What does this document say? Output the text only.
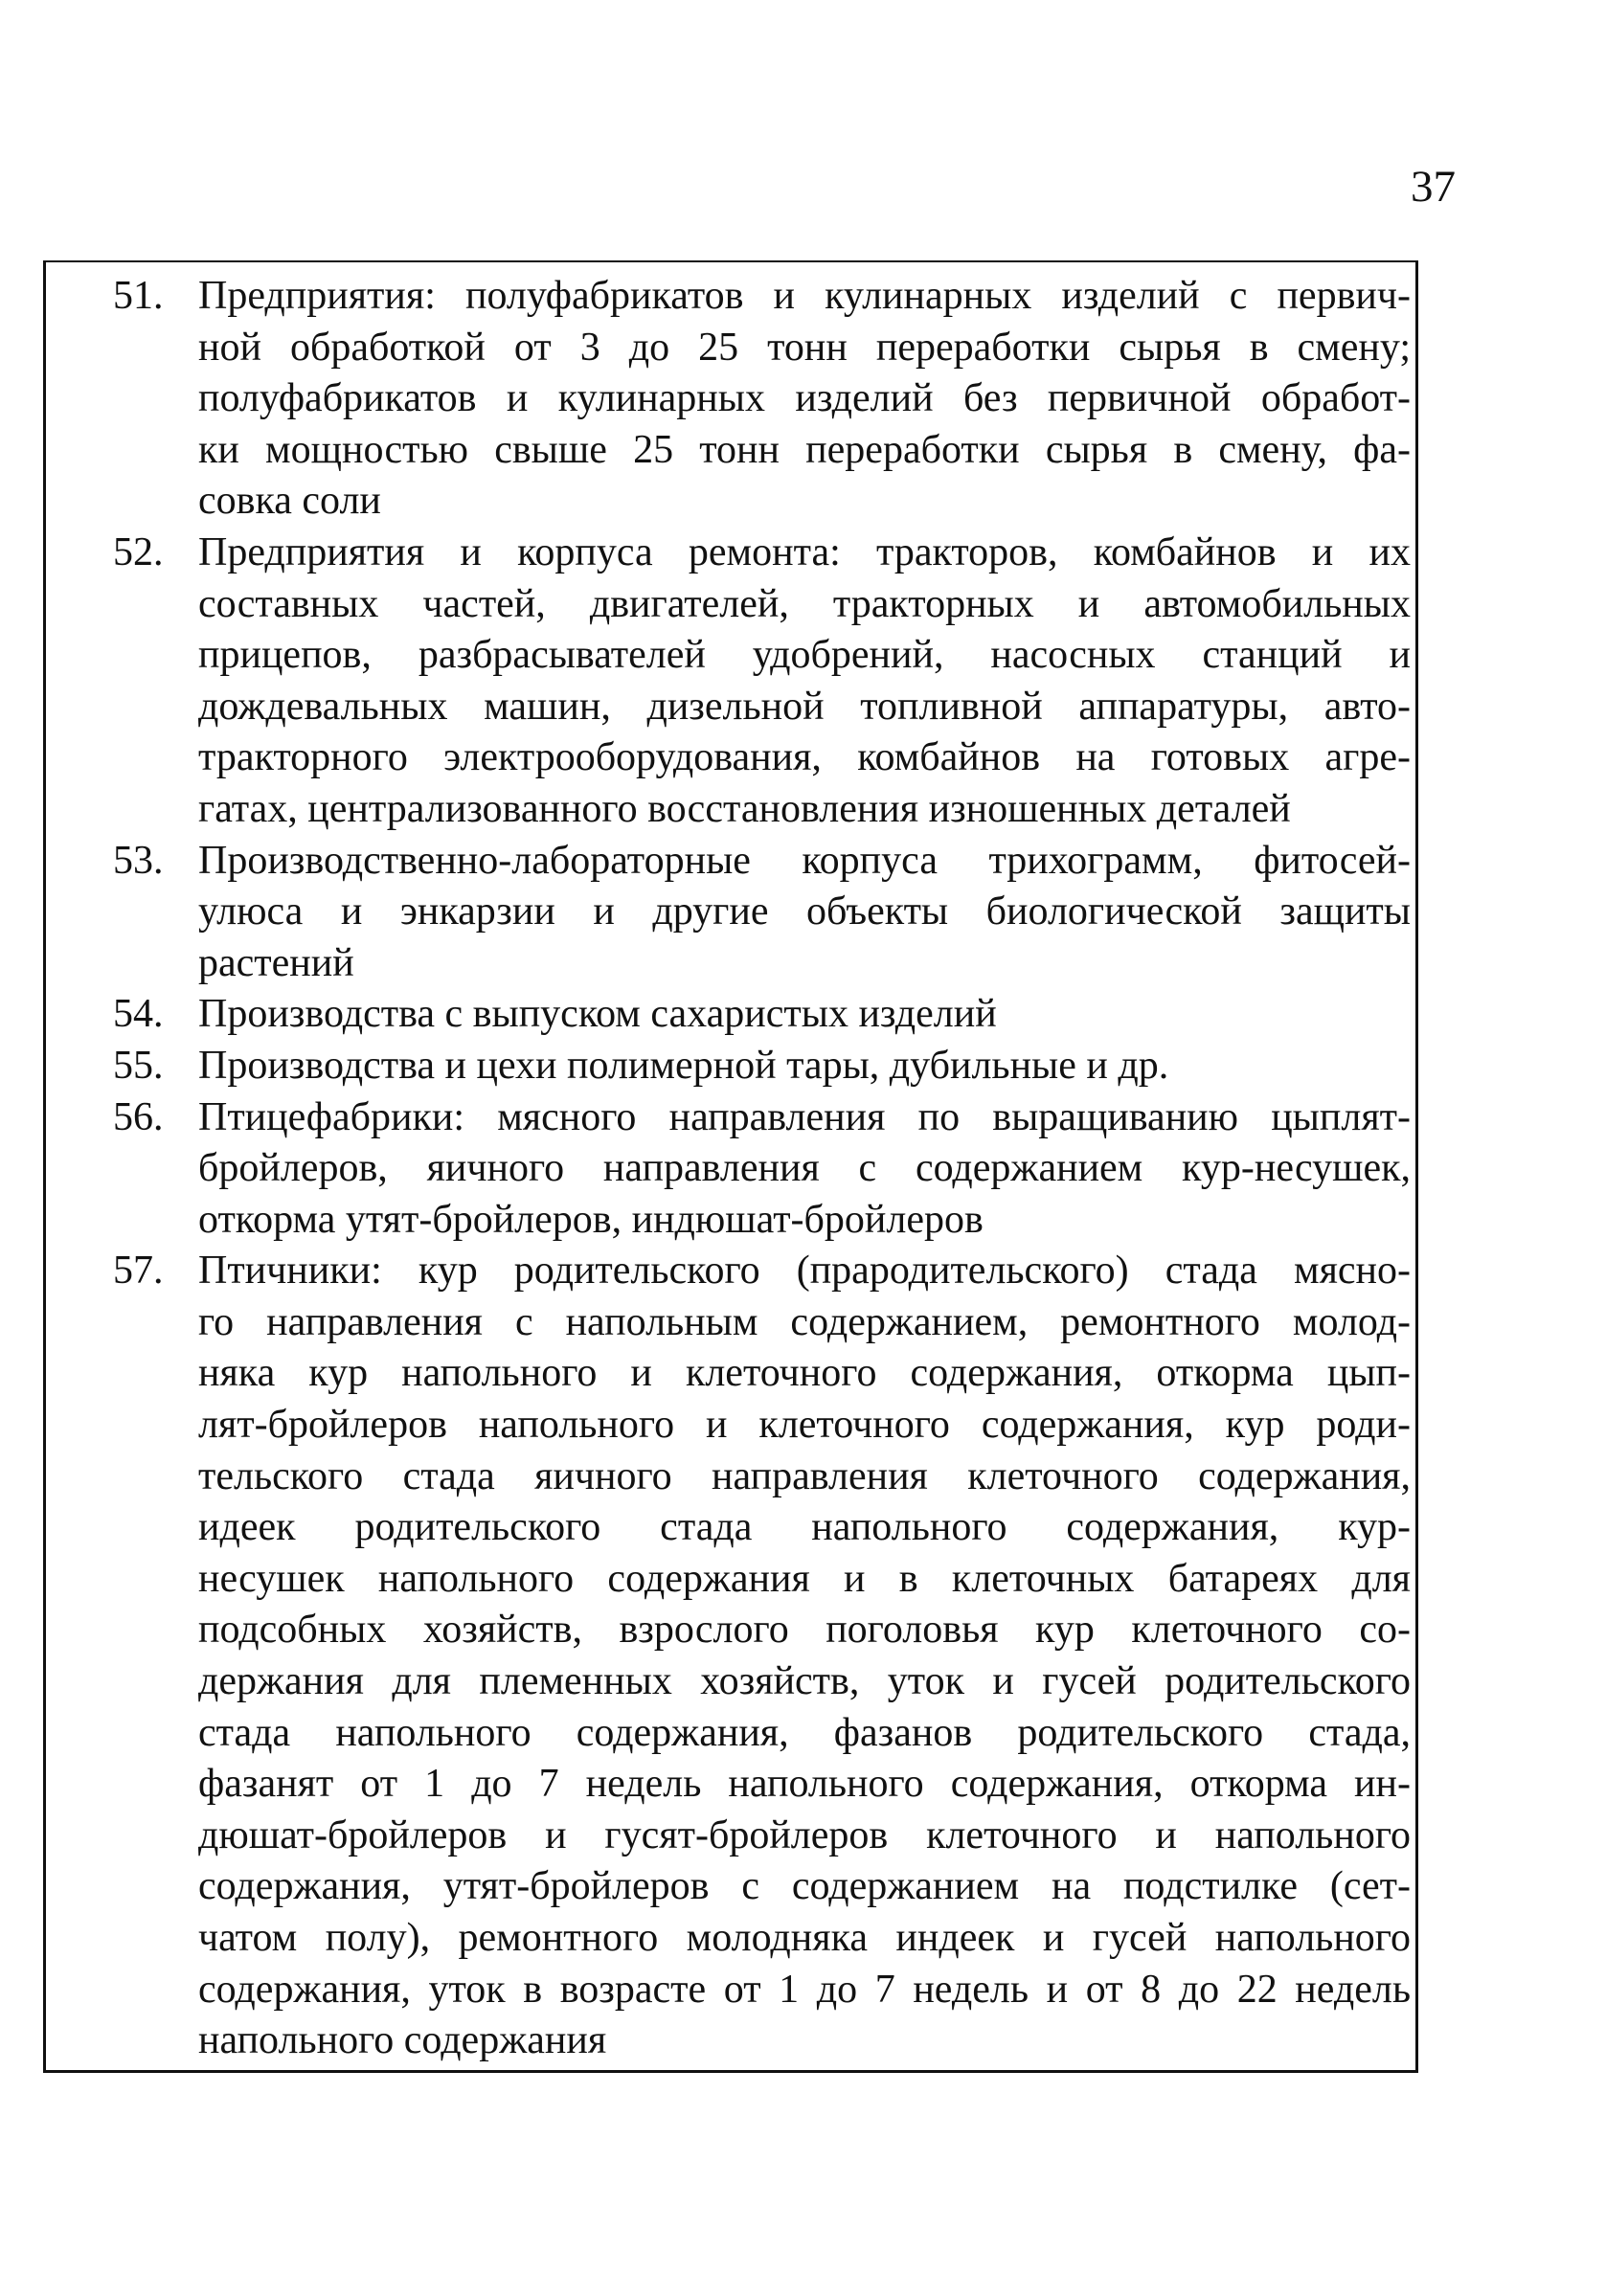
37
51. Предприятия: полуфабрикатов и кулинарных изделий с первич-
ной обработкой от 3 до 25 тонн переработки сырья в смену;
полуфабрикатов и кулинарных изделий без первичной обработ-
ки мощностью свыше 25 тонн переработки сырья в смену, фа-
совка соли
52. Предприятия и корпуса ремонта: тракторов, комбайнов и их
составных частей, двигателей, тракторных и автомобильных
прицепов, разбрасывателей удобрений, насосных станций и
дождевальных машин, дизельной топливной аппаратуры, авто-
тракторного электрооборудования, комбайнов на готовых агре-
гатах, централизованного восстановления изношенных деталей
53. Производственно-лабораторные корпуса трихограмм, фитосей-
улюса и энкарзии и другие объекты биологической защиты
растений
54. Производства с выпуском сахаристых изделий
55. Производства и цехи полимерной тары, дубильные и др.
56. Птицефабрики: мясного направления по выращиванию цыплят-
бройлеров, яичного направления с содержанием кур-несушек,
откорма утят-бройлеров, индюшат-бройлеров
57. Птичники: кур родительского (прародительского) стада мясно-
го направления с напольным содержанием, ремонтного молод-
няка кур напольного и клеточного содержания, откорма цып-
лят-бройлеров напольного и клеточного содержания, кур роди-
тельского стада яичного направления клеточного содержания,
идеек родительского стада напольного содержания, кур-
несушек напольного содержания и в клеточных батареях для
подсобных хозяйств, взрослого поголовья кур клеточного со-
держания для племенных хозяйств, уток и гусей родительского
стада напольного содержания, фазанов родительского стада,
фазанят от 1 до 7 недель напольного содержания, откорма ин-
дюшат-бройлеров и гусят-бройлеров клеточного и напольного
содержания, утят-бройлеров с содержанием на подстилке (сет-
чатом полу), ремонтного молодняка индеек и гусей напольного
содержания, уток в возрасте от 1 до 7 недель и от 8 до 22 недель
напольного содержания
